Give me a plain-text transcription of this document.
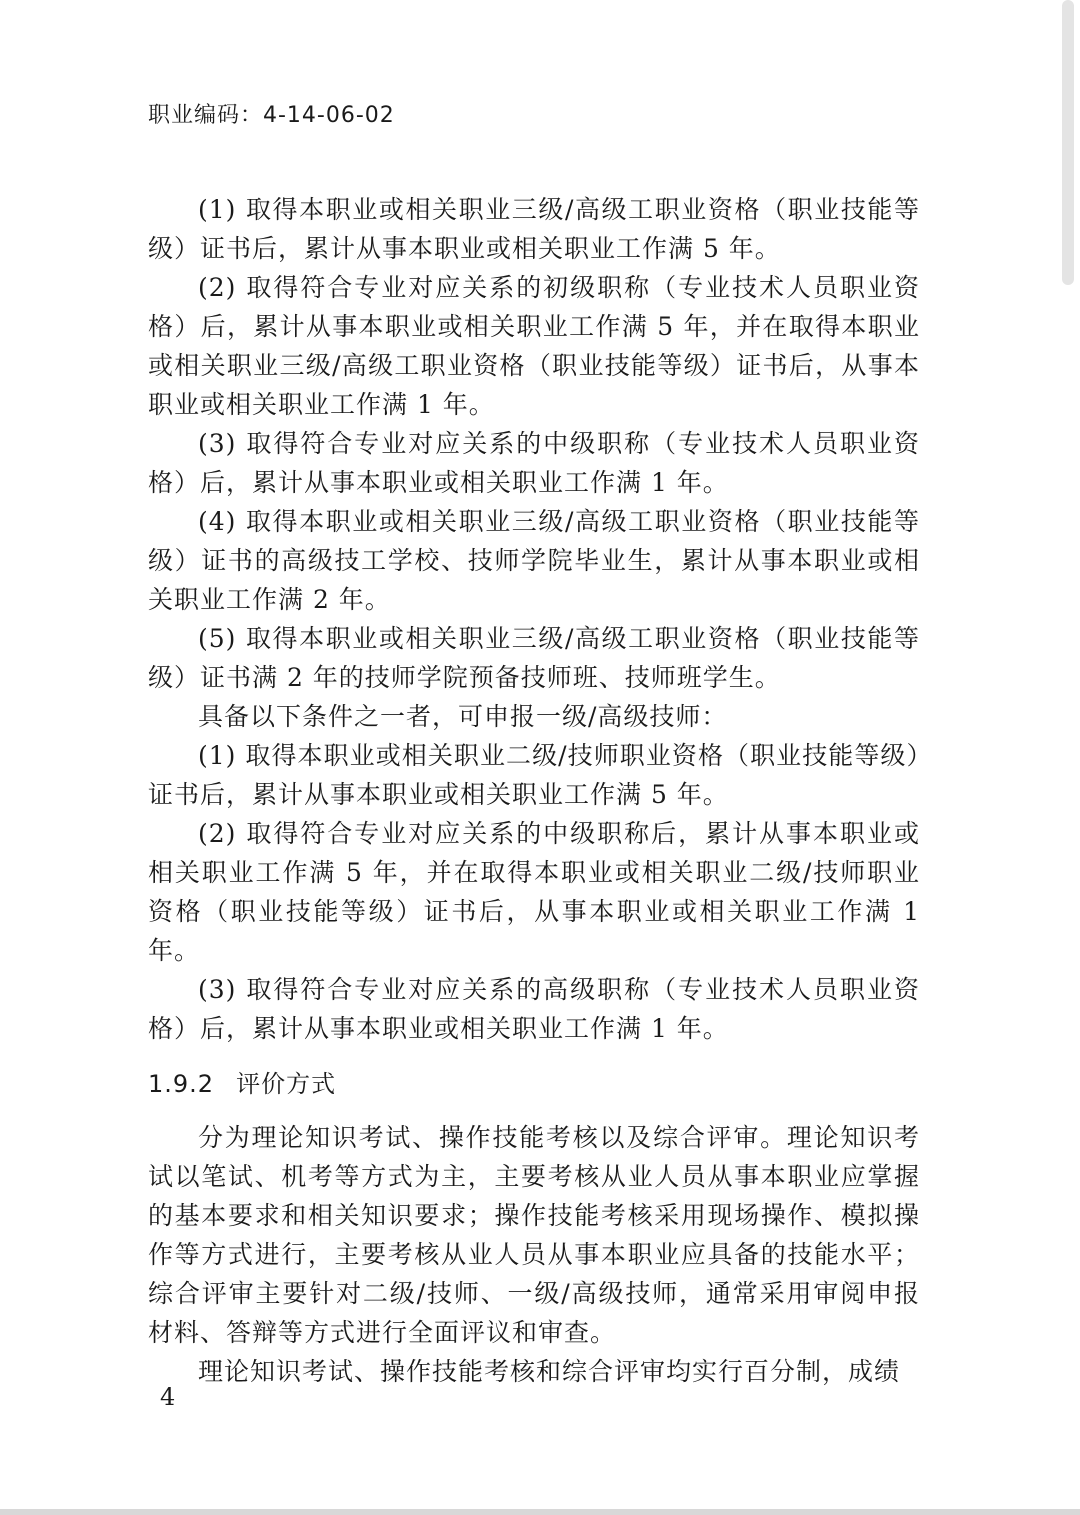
职业编码：4-14-06-02

(1) 取得本职业或相关职业三级/高级工职业资格（职业技能等级）证书后，累计从事本职业或相关职业工作满 5 年。

(2) 取得符合专业对应关系的初级职称（专业技术人员职业资格）后，累计从事本职业或相关职业工作满 5 年，并在取得本职业或相关职业三级/高级工职业资格（职业技能等级）证书后，从事本职业或相关职业工作满 1 年。

(3) 取得符合专业对应关系的中级职称（专业技术人员职业资格）后，累计从事本职业或相关职业工作满 1 年。

(4) 取得本职业或相关职业三级/高级工职业资格（职业技能等级）证书的高级技工学校、技师学院毕业生，累计从事本职业或相关职业工作满 2 年。

(5) 取得本职业或相关职业三级/高级工职业资格（职业技能等级）证书满 2 年的技师学院预备技师班、技师班学生。

具备以下条件之一者，可申报一级/高级技师：

(1) 取得本职业或相关职业二级/技师职业资格（职业技能等级）证书后，累计从事本职业或相关职业工作满 5 年。

(2) 取得符合专业对应关系的中级职称后，累计从事本职业或相关职业工作满 5 年，并在取得本职业或相关职业二级/技师职业资格（职业技能等级）证书后，从事本职业或相关职业工作满 1 年。

(3) 取得符合专业对应关系的高级职称（专业技术人员职业资格）后，累计从事本职业或相关职业工作满 1 年。

1.9.2 评价方式

分为理论知识考试、操作技能考核以及综合评审。理论知识考试以笔试、机考等方式为主，主要考核从业人员从事本职业应掌握的基本要求和相关知识要求；操作技能考核采用现场操作、模拟操作等方式进行，主要考核从业人员从事本职业应具备的技能水平；综合评审主要针对二级/技师、一级/高级技师，通常采用审阅申报材料、答辩等方式进行全面评议和审查。

理论知识考试、操作技能考核和综合评审均实行百分制，成绩

4
